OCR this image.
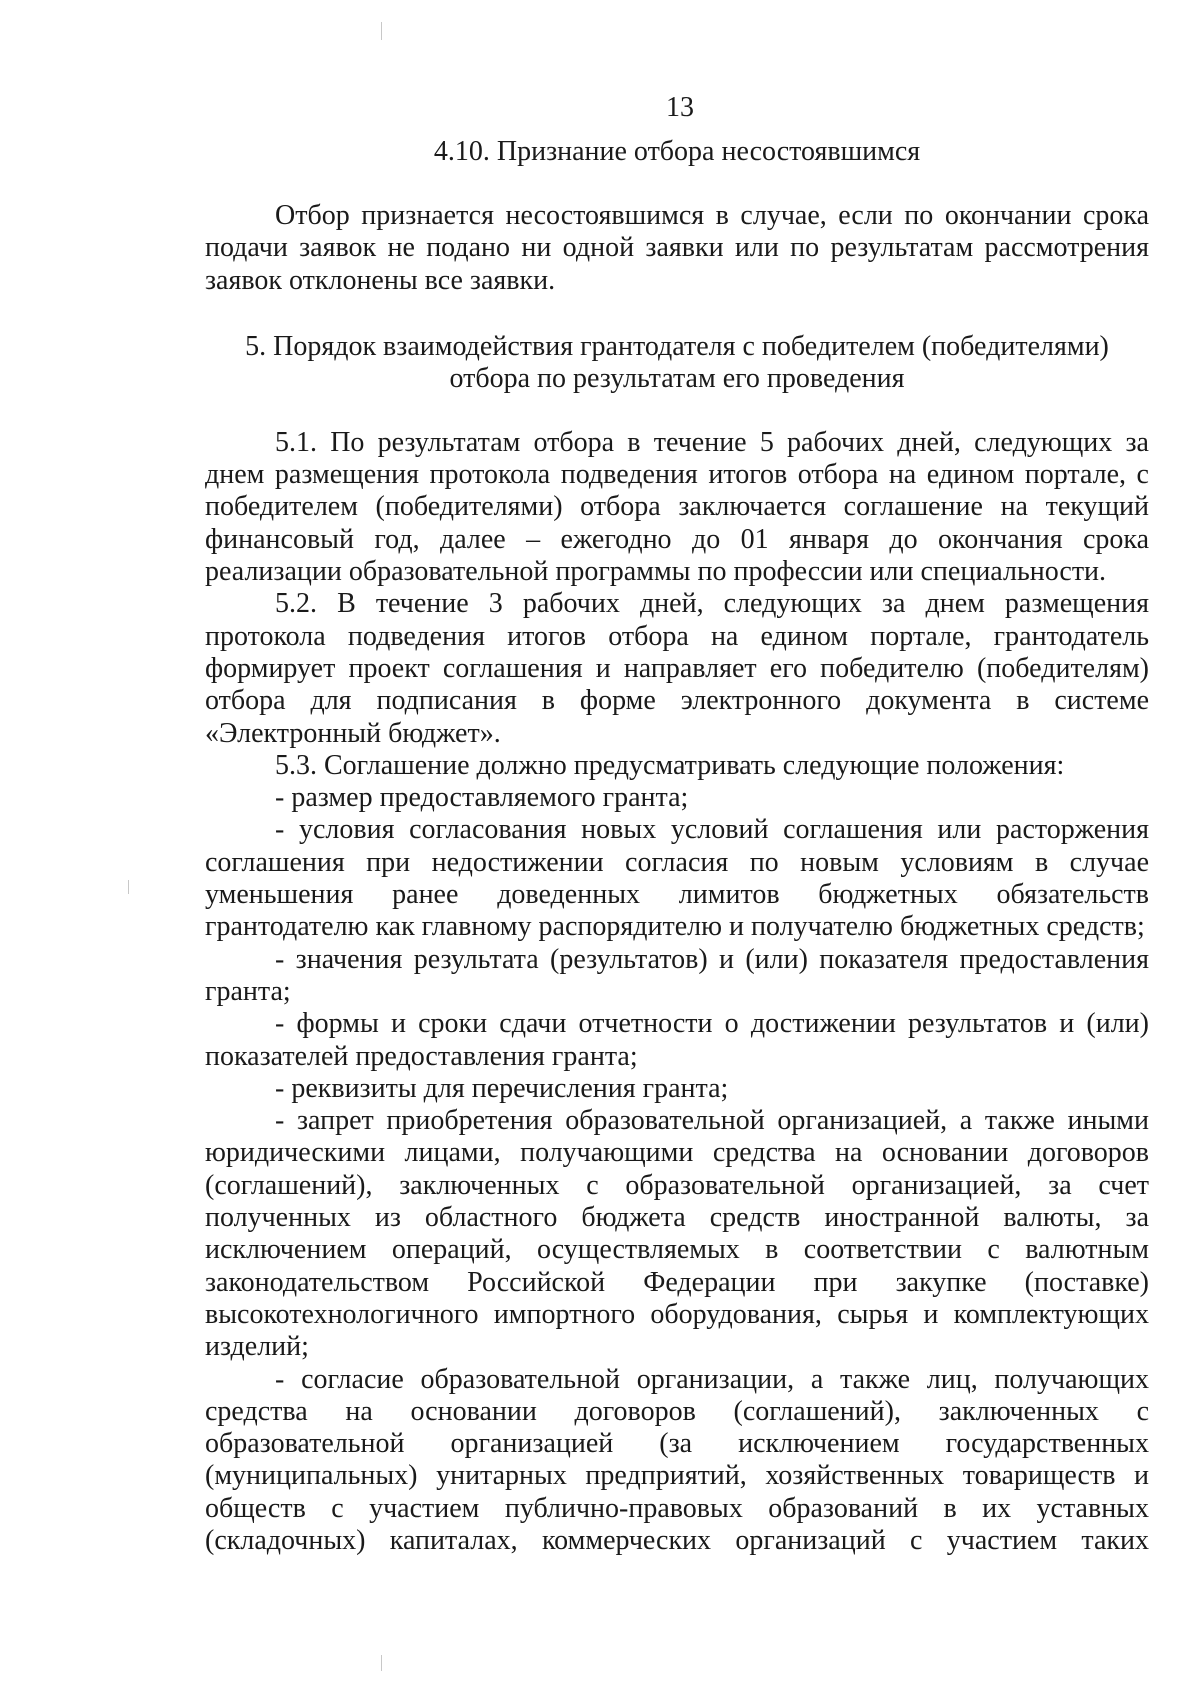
13

4.10. Признание отбора несостоявшимся

Отбор признается несостоявшимся в случае, если по окончании срока подачи заявок не подано ни одной заявки или по результатам рассмотрения заявок отклонены все заявки.

5. Порядок взаимодействия грантодателя с победителем (победителями)
отбора по результатам его проведения

5.1. По результатам отбора в течение 5 рабочих дней, следующих за днем размещения протокола подведения итогов отбора на едином портале, с победителем (победителями) отбора заключается соглашение на текущий финансовый год, далее – ежегодно до 01 января до окончания срока реализации образовательной программы по профессии или специальности.

5.2. В течение 3 рабочих дней, следующих за днем размещения протокола подведения итогов отбора на едином портале, грантодатель формирует проект соглашения и направляет его победителю (победителям) отбора для подписания в форме электронного документа в системе «Электронный бюджет».

5.3. Соглашение должно предусматривать следующие положения:

- размер предоставляемого гранта;

- условия согласования новых условий соглашения или расторжения соглашения при недостижении согласия по новым условиям в случае уменьшения ранее доведенных лимитов бюджетных обязательств грантодателю как главному распорядителю и получателю бюджетных средств;

- значения результата (результатов) и (или) показателя предоставления гранта;

- формы и сроки сдачи отчетности о достижении результатов и (или) показателей предоставления гранта;

- реквизиты для перечисления гранта;

- запрет приобретения образовательной организацией, а также иными юридическими лицами, получающими средства на основании договоров (соглашений), заключенных с образовательной организацией, за счет полученных из областного бюджета средств иностранной валюты, за исключением операций, осуществляемых в соответствии с валютным законодательством Российской Федерации при закупке (поставке) высокотехнологичного импортного оборудования, сырья и комплектующих изделий;

- согласие образовательной организации, а также лиц, получающих средства на основании договоров (соглашений), заключенных с образовательной организацией (за исключением государственных (муниципальных) унитарных предприятий, хозяйственных товариществ и обществ с участием публично-правовых образований в их уставных (складочных) капиталах, коммерческих организаций с участием таких
